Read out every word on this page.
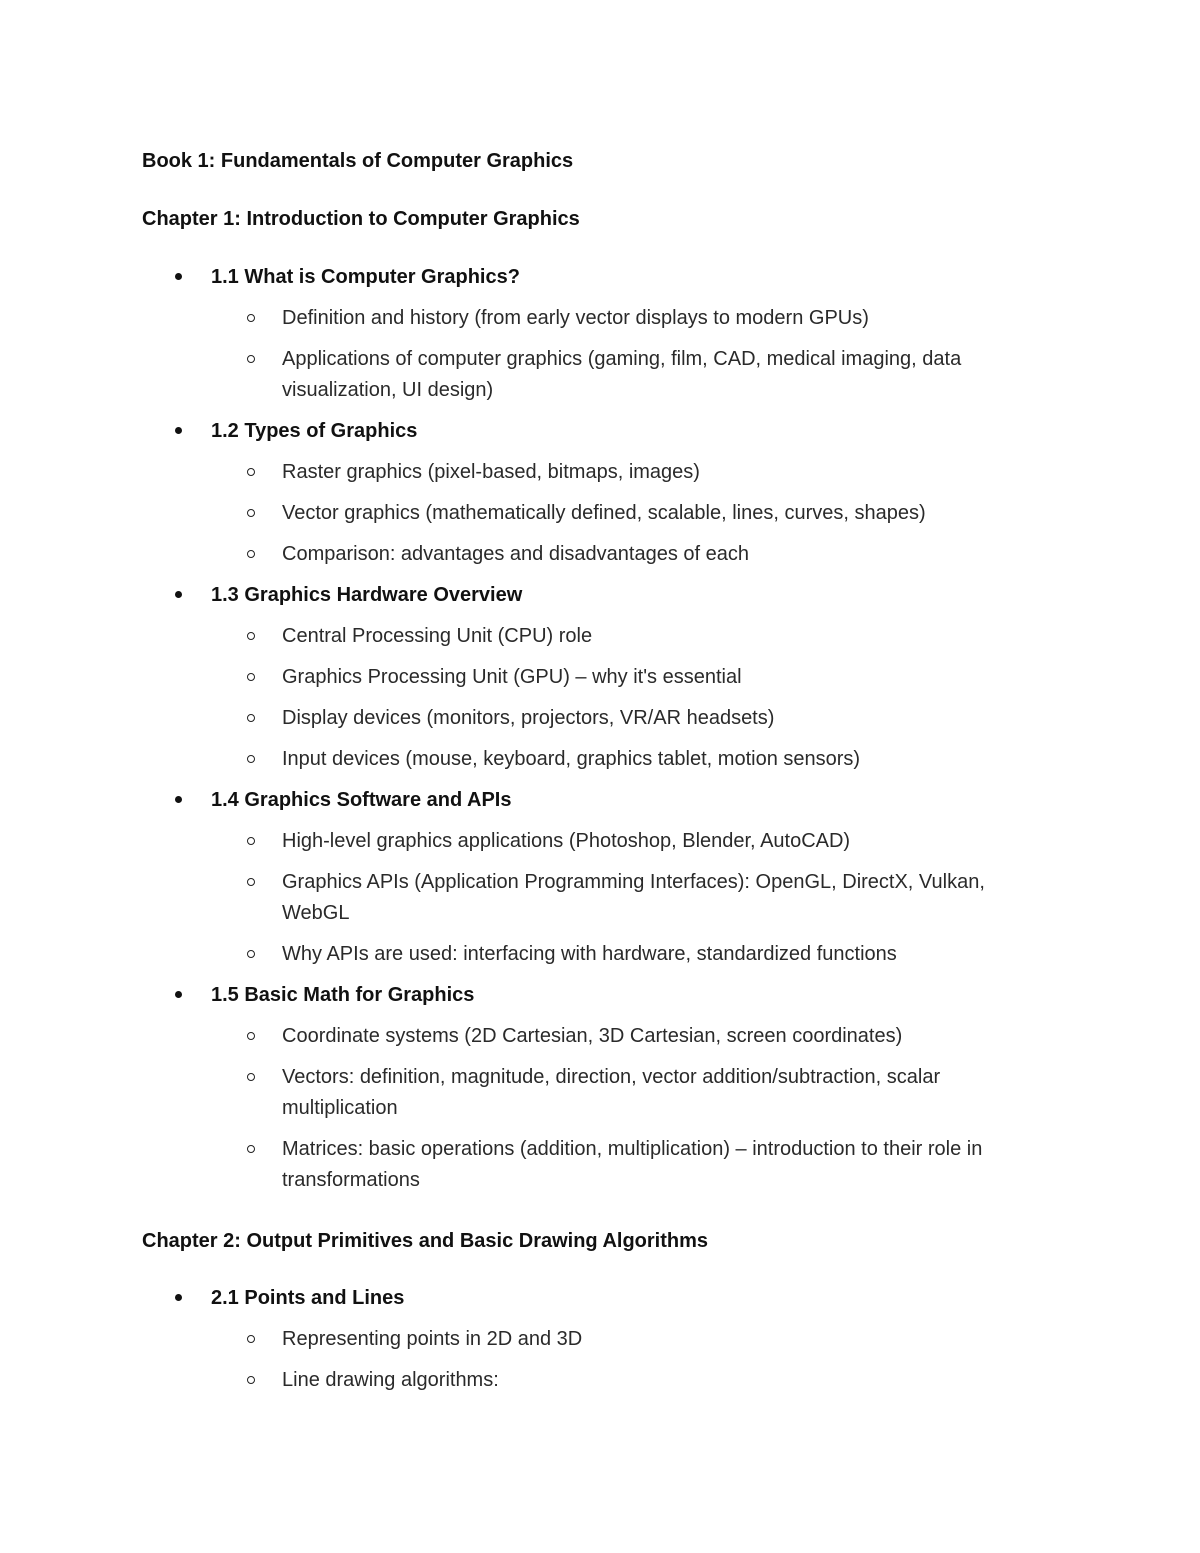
Book 1: Fundamentals of Computer Graphics
Chapter 1: Introduction to Computer Graphics
1.1 What is Computer Graphics?
Definition and history (from early vector displays to modern GPUs)
Applications of computer graphics (gaming, film, CAD, medical imaging, data visualization, UI design)
1.2 Types of Graphics
Raster graphics (pixel-based, bitmaps, images)
Vector graphics (mathematically defined, scalable, lines, curves, shapes)
Comparison: advantages and disadvantages of each
1.3 Graphics Hardware Overview
Central Processing Unit (CPU) role
Graphics Processing Unit (GPU) – why it's essential
Display devices (monitors, projectors, VR/AR headsets)
Input devices (mouse, keyboard, graphics tablet, motion sensors)
1.4 Graphics Software and APIs
High-level graphics applications (Photoshop, Blender, AutoCAD)
Graphics APIs (Application Programming Interfaces): OpenGL, DirectX, Vulkan, WebGL
Why APIs are used: interfacing with hardware, standardized functions
1.5 Basic Math for Graphics
Coordinate systems (2D Cartesian, 3D Cartesian, screen coordinates)
Vectors: definition, magnitude, direction, vector addition/subtraction, scalar multiplication
Matrices: basic operations (addition, multiplication) – introduction to their role in transformations
Chapter 2: Output Primitives and Basic Drawing Algorithms
2.1 Points and Lines
Representing points in 2D and 3D
Line drawing algorithms:
